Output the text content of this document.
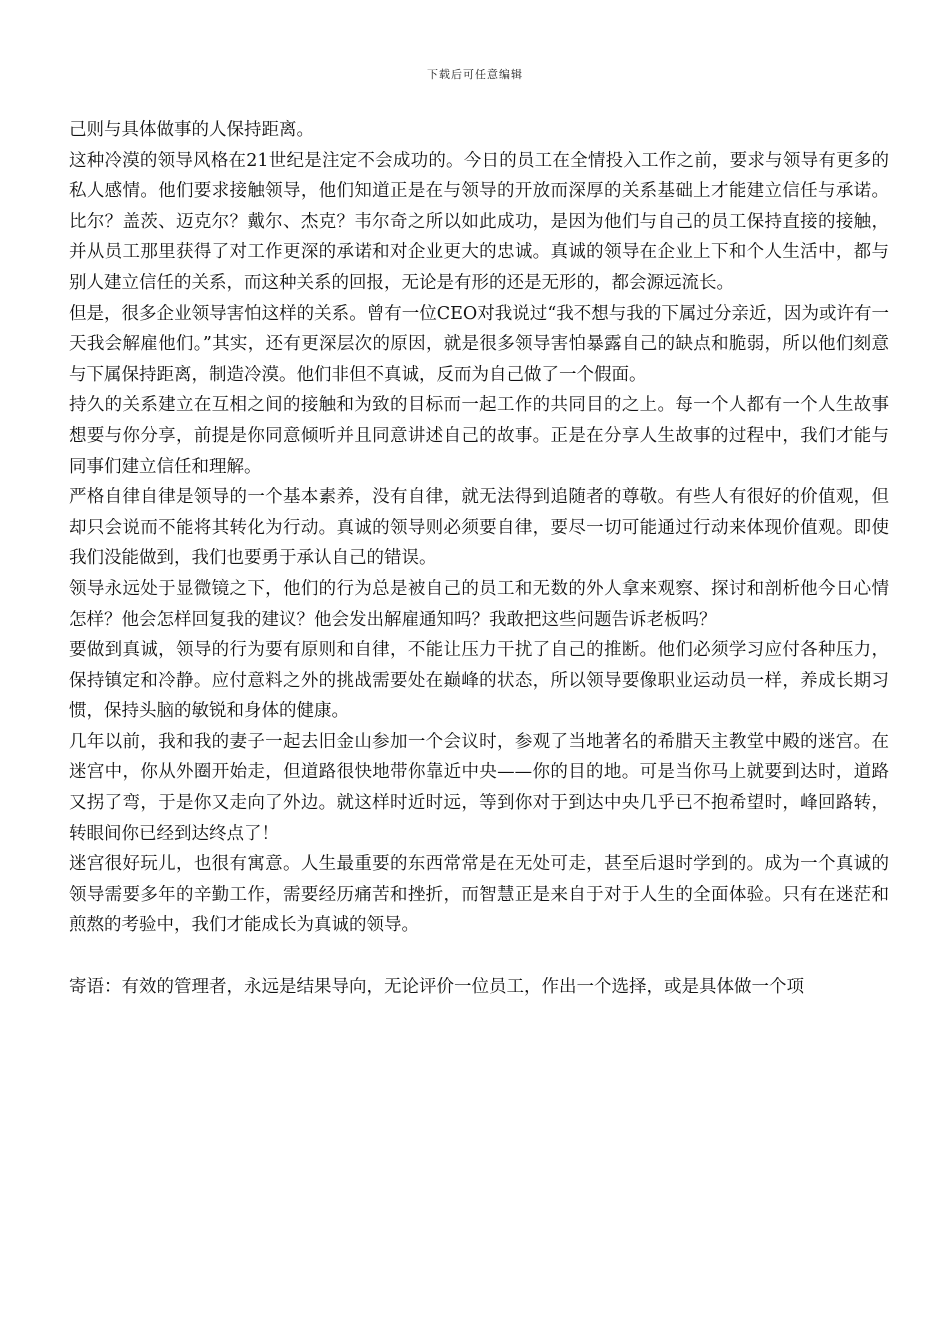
下载后可任意编辑

己则与具体做事的人保持距离。

这种冷漠的领导风格在21世纪是注定不会成功的。今日的员工在全情投入工作之前，要求与领导有更多的私人感情。他们要求接触领导，他们知道正是在与领导的开放而深厚的关系基础上才能建立信任与承诺。比尔？盖茨、迈克尔？戴尔、杰克？韦尔奇之所以如此成功，是因为他们与自己的员工保持直接的接触，并从员工那里获得了对工作更深的承诺和对企业更大的忠诚。真诚的领导在企业上下和个人生活中，都与别人建立信任的关系，而这种关系的回报，无论是有形的还是无形的，都会源远流长。

但是，很多企业领导害怕这样的关系。曾有一位CEO对我说过“我不想与我的下属过分亲近，因为或许有一天我会解雇他们。”其实，还有更深层次的原因，就是很多领导害怕暴露自己的缺点和脆弱，所以他们刻意与下属保持距离，制造冷漠。他们非但不真诚，反而为自己做了一个假面。

持久的关系建立在互相之间的接触和为致的目标而一起工作的共同目的之上。每一个人都有一个人生故事想要与你分享，前提是你同意倾听并且同意讲述自己的故事。正是在分享人生故事的过程中，我们才能与同事们建立信任和理解。

严格自律自律是领导的一个基本素养，没有自律，就无法得到追随者的尊敬。有些人有很好的价值观，但却只会说而不能将其转化为行动。真诚的领导则必须要自律，要尽一切可能通过行动来体现价值观。即使我们没能做到，我们也要勇于承认自己的错误。

领导永远处于显微镜之下，他们的行为总是被自己的员工和无数的外人拿来观察、探讨和剖析他今日心情怎样？他会怎样回复我的建议？他会发出解雇通知吗？我敢把这些问题告诉老板吗？

要做到真诚，领导的行为要有原则和自律，不能让压力干扰了自己的推断。他们必须学习应付各种压力，保持镇定和冷静。应付意料之外的挑战需要处在巅峰的状态，所以领导要像职业运动员一样，养成长期习惯，保持头脑的敏锐和身体的健康。

几年以前，我和我的妻子一起去旧金山参加一个会议时，参观了当地著名的希腊天主教堂中殿的迷宫。在迷宫中，你从外圈开始走，但道路很快地带你靠近中央——你的目的地。可是当你马上就要到达时，道路又拐了弯，于是你又走向了外边。就这样时近时远，等到你对于到达中央几乎已不抱希望时，峰回路转，转眼间你已经到达终点了！

迷宫很好玩儿，也很有寓意。人生最重要的东西常常是在无处可走，甚至后退时学到的。成为一个真诚的领导需要多年的辛勤工作，需要经历痛苦和挫折，而智慧正是来自于对于人生的全面体验。只有在迷茫和煎熬的考验中，我们才能成长为真诚的领导。

寄语：有效的管理者，永远是结果导向，无论评价一位员工，作出一个选择，或是具体做一个项
